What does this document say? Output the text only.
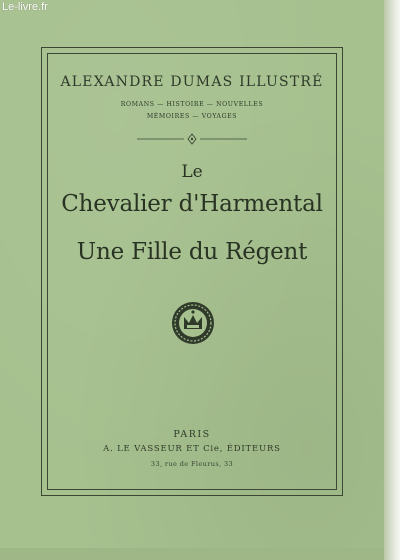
Le-livre.fr
ALEXANDRE DUMAS ILLUSTRÉ
ROMANS — HISTOIRE — NOUVELLES
MÉMOIRES — VOYAGES
Le
Chevalier d'Harmental
Une Fille du Régent
PARIS
A. LE VASSEUR ET Cie, ÉDITEURS
33, rue de Fleurus, 33
